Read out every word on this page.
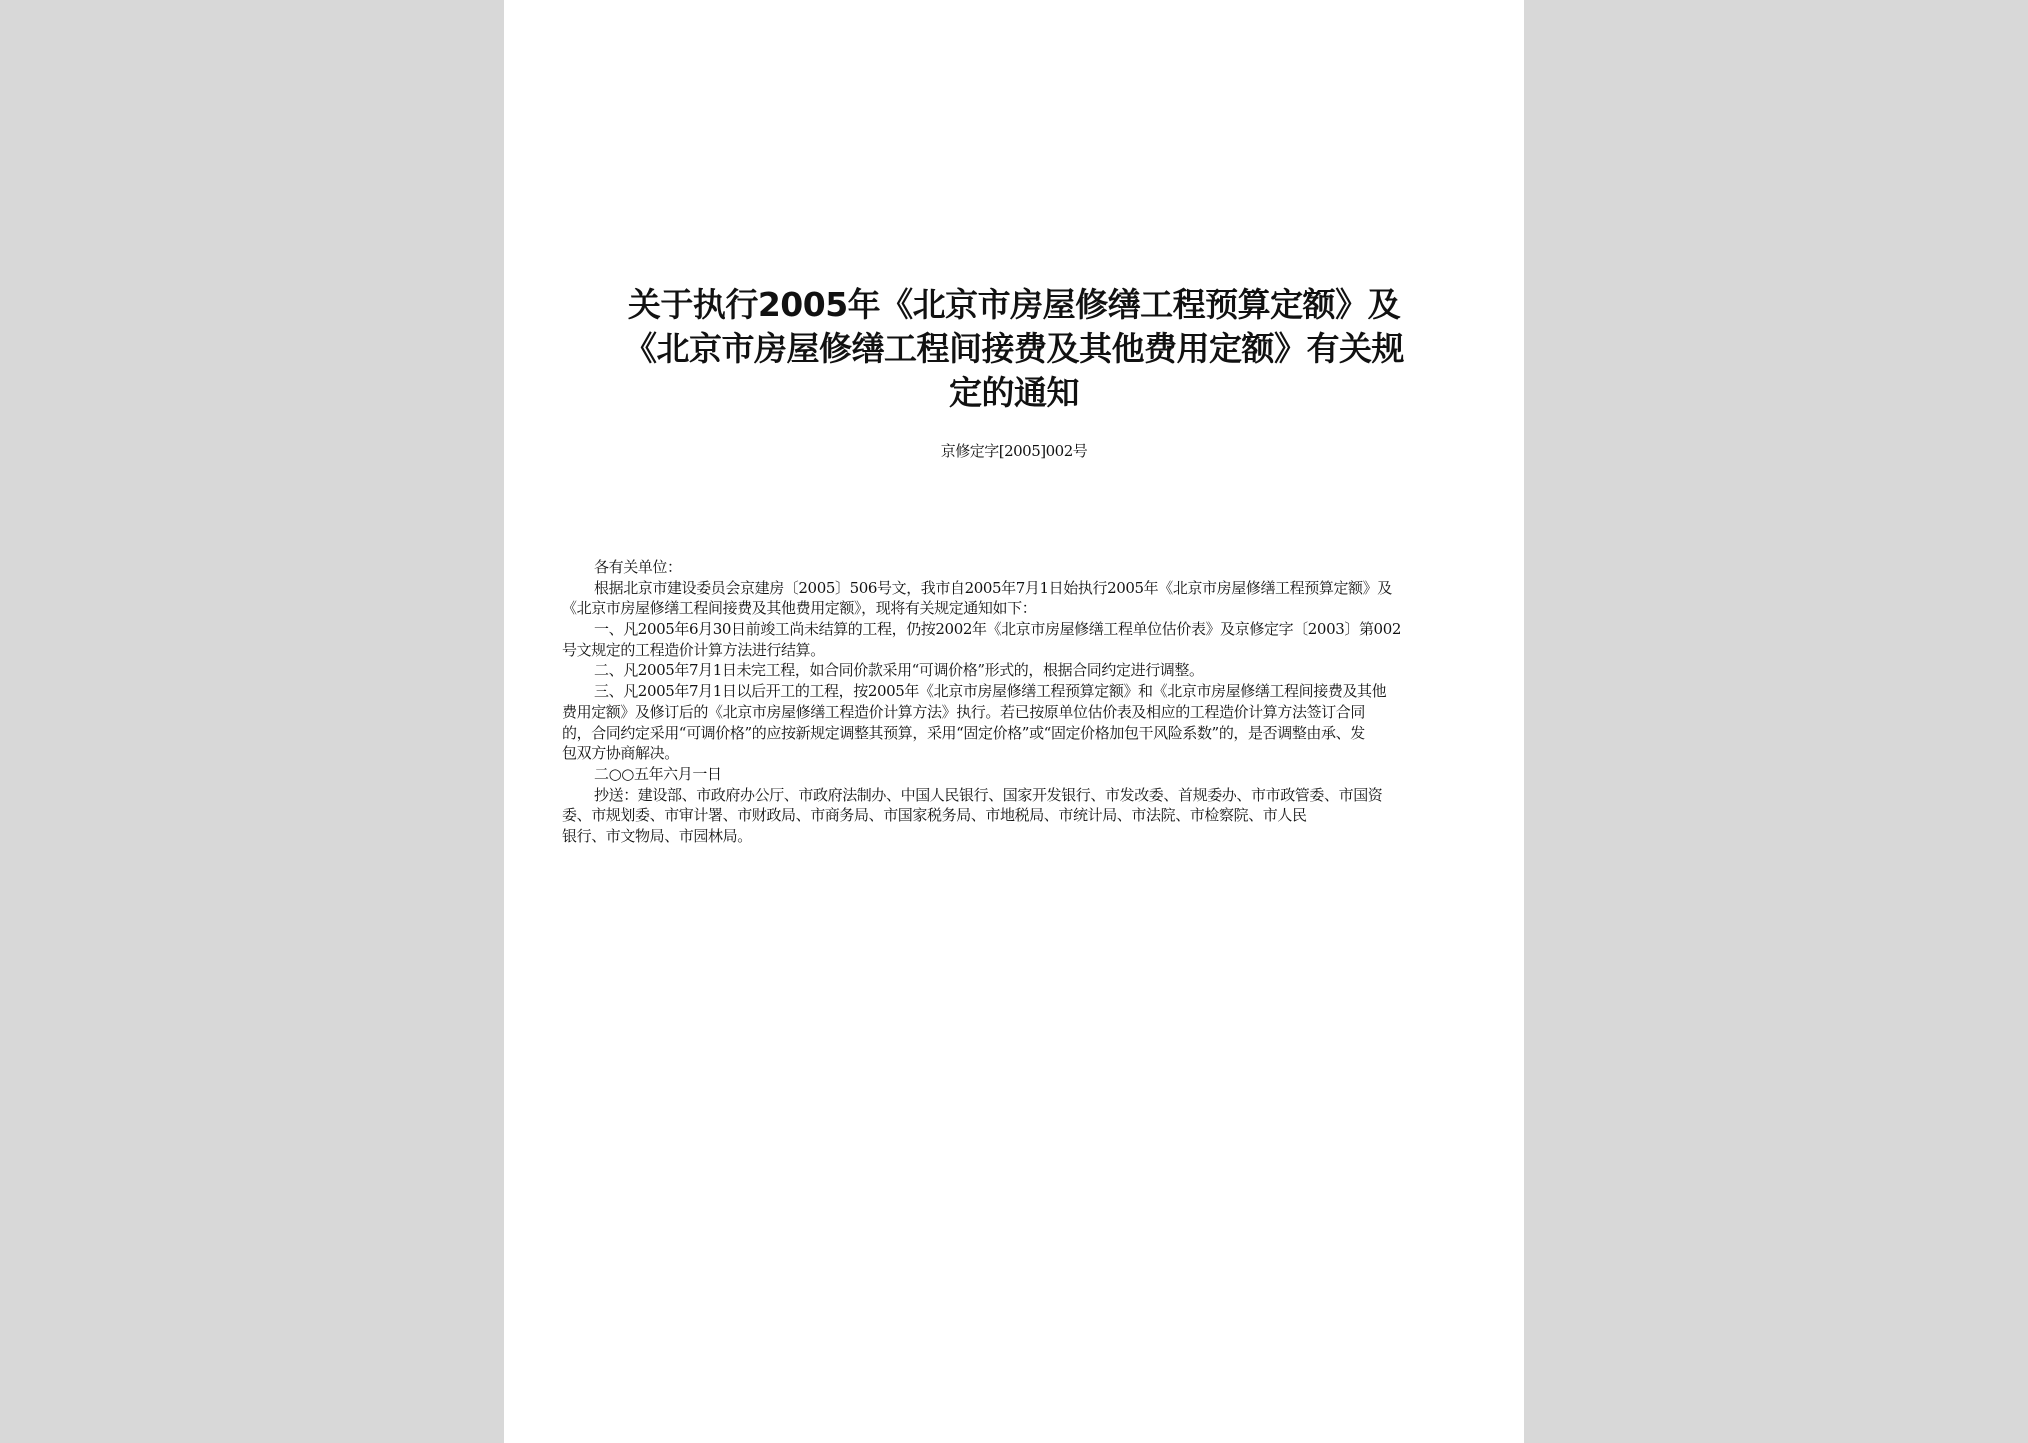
关于执行2005年《北京市房屋修缮工程预算定额》及
《北京市房屋修缮工程间接费及其他费用定额》有关规
定的通知
京修定字[2005]002号
各有关单位：
根据北京市建设委员会京建房〔2005〕506号文，我市自2005年7月1日始执行2005年《北京市房屋修缮工程预算定额》及
《北京市房屋修缮工程间接费及其他费用定额》，现将有关规定通知如下：
一、凡2005年6月30日前竣工尚未结算的工程，仍按2002年《北京市房屋修缮工程单位估价表》及京修定字〔2003〕第002
号文规定的工程造价计算方法进行结算。
二、凡2005年7月1日未完工程，如合同价款采用“可调价格”形式的，根据合同约定进行调整。
三、凡2005年7月1日以后开工的工程，按2005年《北京市房屋修缮工程预算定额》和《北京市房屋修缮工程间接费及其他
费用定额》及修订后的《北京市房屋修缮工程造价计算方法》执行。若已按原单位估价表及相应的工程造价计算方法签订合同
的，合同约定采用“可调价格”的应按新规定调整其预算，采用“固定价格”或“固定价格加包干风险系数”的，是否调整由承、发
包双方协商解决。
二○○五年六月一日
抄送：建设部、市政府办公厅、市政府法制办、中国人民银行、国家开发银行、市发改委、首规委办、市市政管委、市国资
委、市规划委、市审计署、市财政局、市商务局、市国家税务局、市地税局、市统计局、市法院、市检察院、市人民
银行、市文物局、市园林局。
